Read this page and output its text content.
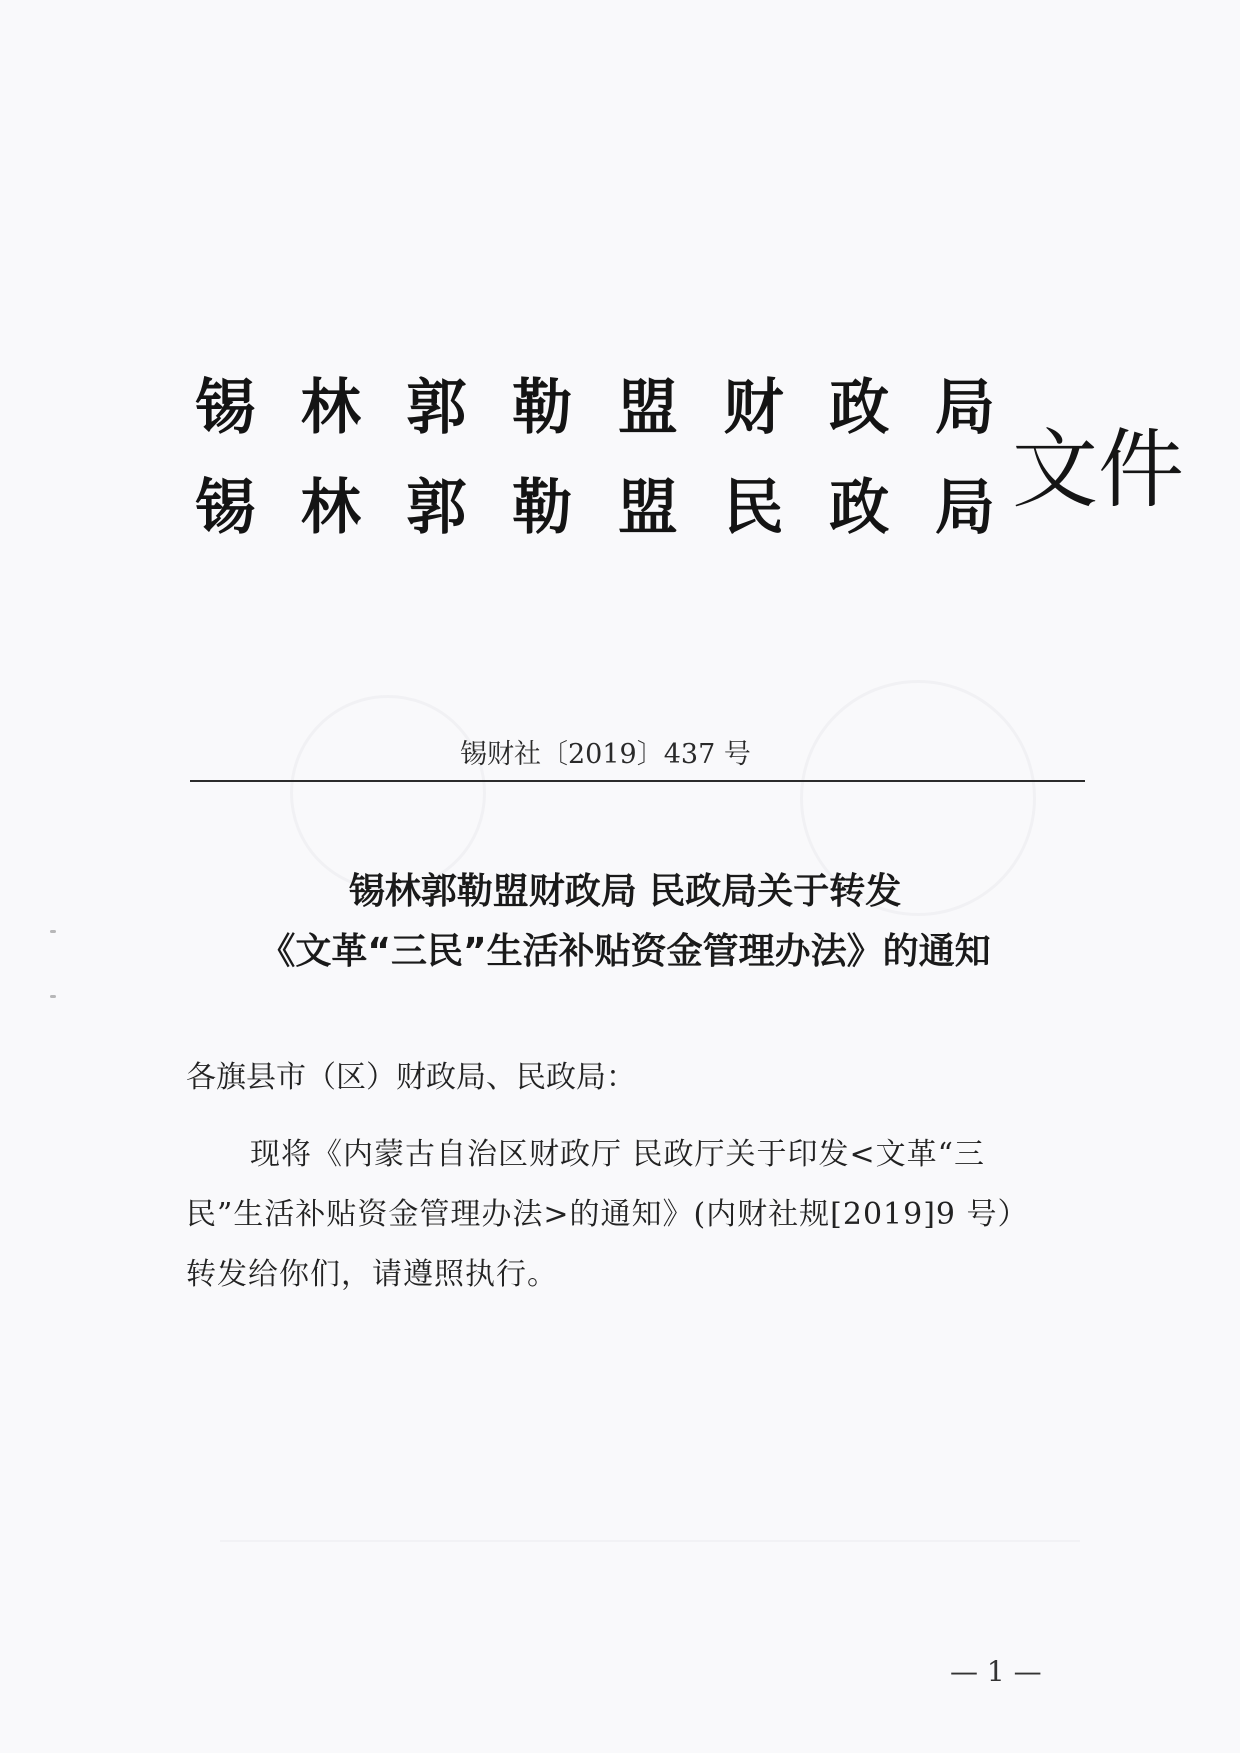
锡 林 郭 勒 盟 财 政 局
锡 林 郭 勒 盟 民 政 局 文件
锡财社〔2019〕437 号
锡林郭勒盟财政局 民政局关于转发
《文革“三民”生活补贴资金管理办法》的通知
各旗县市（区）财政局、民政局：
现将《内蒙古自治区财政厅 民政厅关于印发<文革“三民”生活补贴资金管理办法>的通知》(内财社规[2019]9 号）转发给你们，请遵照执行。
— 1 —
